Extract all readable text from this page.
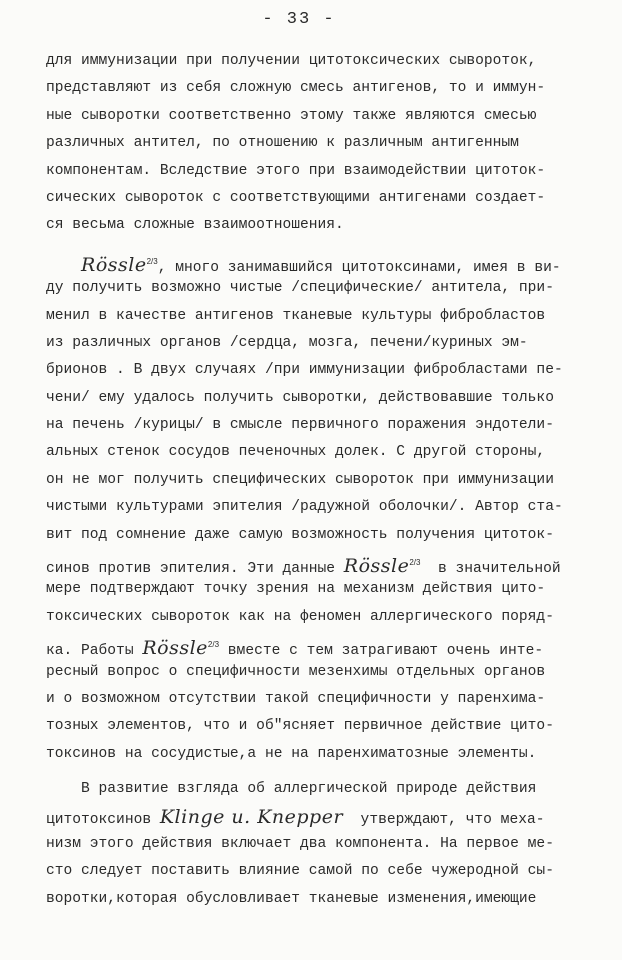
- 33 -
для иммунизации при получении цитотоксических сывороток,
представляют из себя сложную смесь антигенов, то и иммун-
ные сыворотки соответственно этому также являются смесью
различных антител, по отношению к различным антигенным
компонентам. Вследствие этого при взаимодействии цитоток-
сических сывороток с соответствующими антигенами создает-
ся весьма сложные взаимоотношения.
Rössle$^{2/3}$, много занимавшийся цитотоксинами, имея в ви-
ду получить возможно чистые /специфические/ антитела, при-
менил в качестве антигенов тканевые культуры фибробластов
из различных органов /сердца, мозга, печени/куриных эм-
брионов . В двух случаях /при иммунизации фибробластами пе-
чени/ ему удалось получить сыворотки, действовавшие только
на печень /курицы/ в смысле первичного поражения эндотели-
альных стенок сосудов печеночных долек. С другой стороны,
он не мог получить специфических сывороток при иммунизации
чистыми культурами эпителия /радужной оболочки/. Автор ста-
вит под сомнение даже самую возможность получения цитоток-
синов против эпителия. Эти данные Rössle$^{2/3}$  в значительной
мере подтверждают точку зрения на механизм действия цито-
токсических сывороток как на феномен аллергического поряд-
ка. Работы Rössle$^{2/3}$ вместе с тем затрагивают очень инте-
ресный вопрос о специфичности мезенхимы отдельных органов
и о возможном отсутствии такой специфичности у паренхима-
тозных элементов, что и об"ясняет первичное действие цито-
токсинов на сосудистые,а не на паренхиматозные элементы.
В развитие взгляда об аллергической природе действия
цитотоксинов Klinge u. Knepper  утверждают, что меха-
низм этого действия включает два компонента. На первое ме-
сто следует поставить влияние самой по себе чужеродной сы-
воротки,которая обусловливает тканевые изменения,имеющие
